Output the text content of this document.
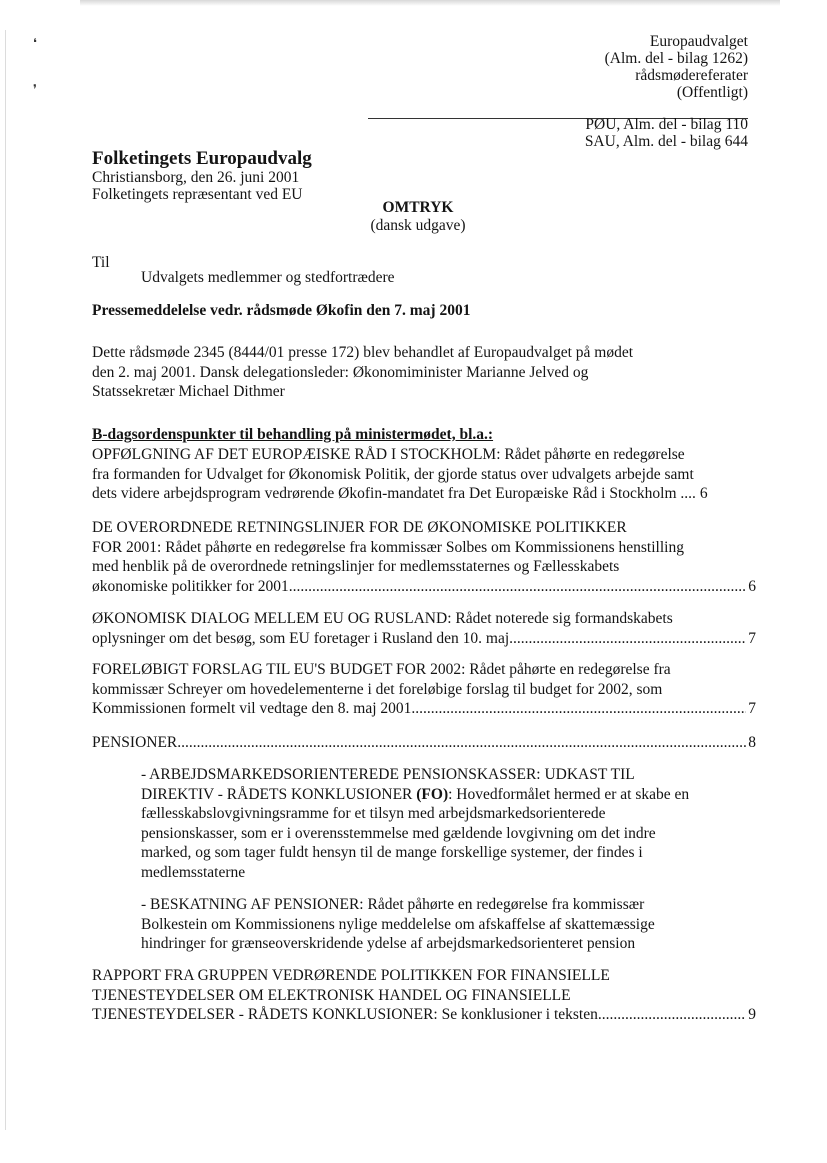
❛
❜
Europaudvalget
(Alm. del - bilag 1262)
rådsmødereferater
(Offentligt)
PØU, Alm. del - bilag 110
SAU, Alm. del - bilag 644
Folketingets Europaudvalg
Christiansborg, den 26. juni 2001
Folketingets repræsentant ved EU
OMTRYK
(dansk udgave)
Til
Udvalgets medlemmer og stedfortrædere
Pressemeddelelse vedr. rådsmøde Økofin den 7. maj 2001
Dette rådsmøde 2345 (8444/01 presse 172) blev behandlet af Europaudvalget på mødet
den 2. maj 2001. Dansk delegationsleder: Økonomiminister Marianne Jelved og
Statssekretær Michael Dithmer
B-dagsordenspunkter til behandling på ministermødet, bl.a.:
OPFØLGNING AF DET EUROPÆISKE RÅD I STOCKHOLM: Rådet påhørte en redegørelse
fra formanden for Udvalget for Økonomisk Politik, der gjorde status over udvalgets arbejde samt
dets videre arbejdsprogram vedrørende Økofin-mandatet fra Det Europæiske Råd i Stockholm .... 6
DE OVERORDNEDE RETNINGSLINJER FOR DE ØKONOMISKE POLITIKKER
FOR 2001: Rådet påhørte en redegørelse fra kommissær Solbes om Kommissionens henstilling
med henblik på de overordnede retningslinjer for medlemsstaternes og Fællesskabets
økonomiske politikker for 2001 .....	6
ØKONOMISK DIALOG MELLEM EU OG RUSLAND: Rådet noterede sig formandskabets
oplysninger om det besøg, som EU foretager i Rusland den 10. maj .....	7
FORELØBIGT FORSLAG TIL EU'S BUDGET FOR 2002: Rådet påhørte en redegørelse fra
kommissær Schreyer om hovedelementerne i det foreløbige forslag til budget for 2002, som
Kommissionen formelt vil vedtage den 8. maj 2001 .....	7
PENSIONER .....	8
- ARBEJDSMARKEDSORIENTEREDE PENSIONSKASSER: UDKAST TIL
DIREKTIV - RÅDETS KONKLUSIONER (FO): Hovedformålet hermed er at skabe en
fællesskabslovgivningsramme for et tilsyn med arbejdsmarkedsorienterede
pensionskasser, som er i overensstemmelse med gældende lovgivning om det indre
marked, og som tager fuldt hensyn til de mange forskellige systemer, der findes i
medlemsstaterne
- BESKATNING AF PENSIONER: Rådet påhørte en redegørelse fra kommissær
Bolkestein om Kommissionens nylige meddelelse om afskaffelse af skattemæssige
hindringer for grænseoverskridende ydelse af arbejdsmarkedsorienteret pension
RAPPORT FRA GRUPPEN VEDRØRENDE POLITIKKEN FOR FINANSIELLE
TJENESTEYDELSER OM ELEKTRONISK HANDEL OG FINANSIELLE
TJENESTEYDELSER - RÅDETS KONKLUSIONER: Se konklusioner i teksten .....	9
